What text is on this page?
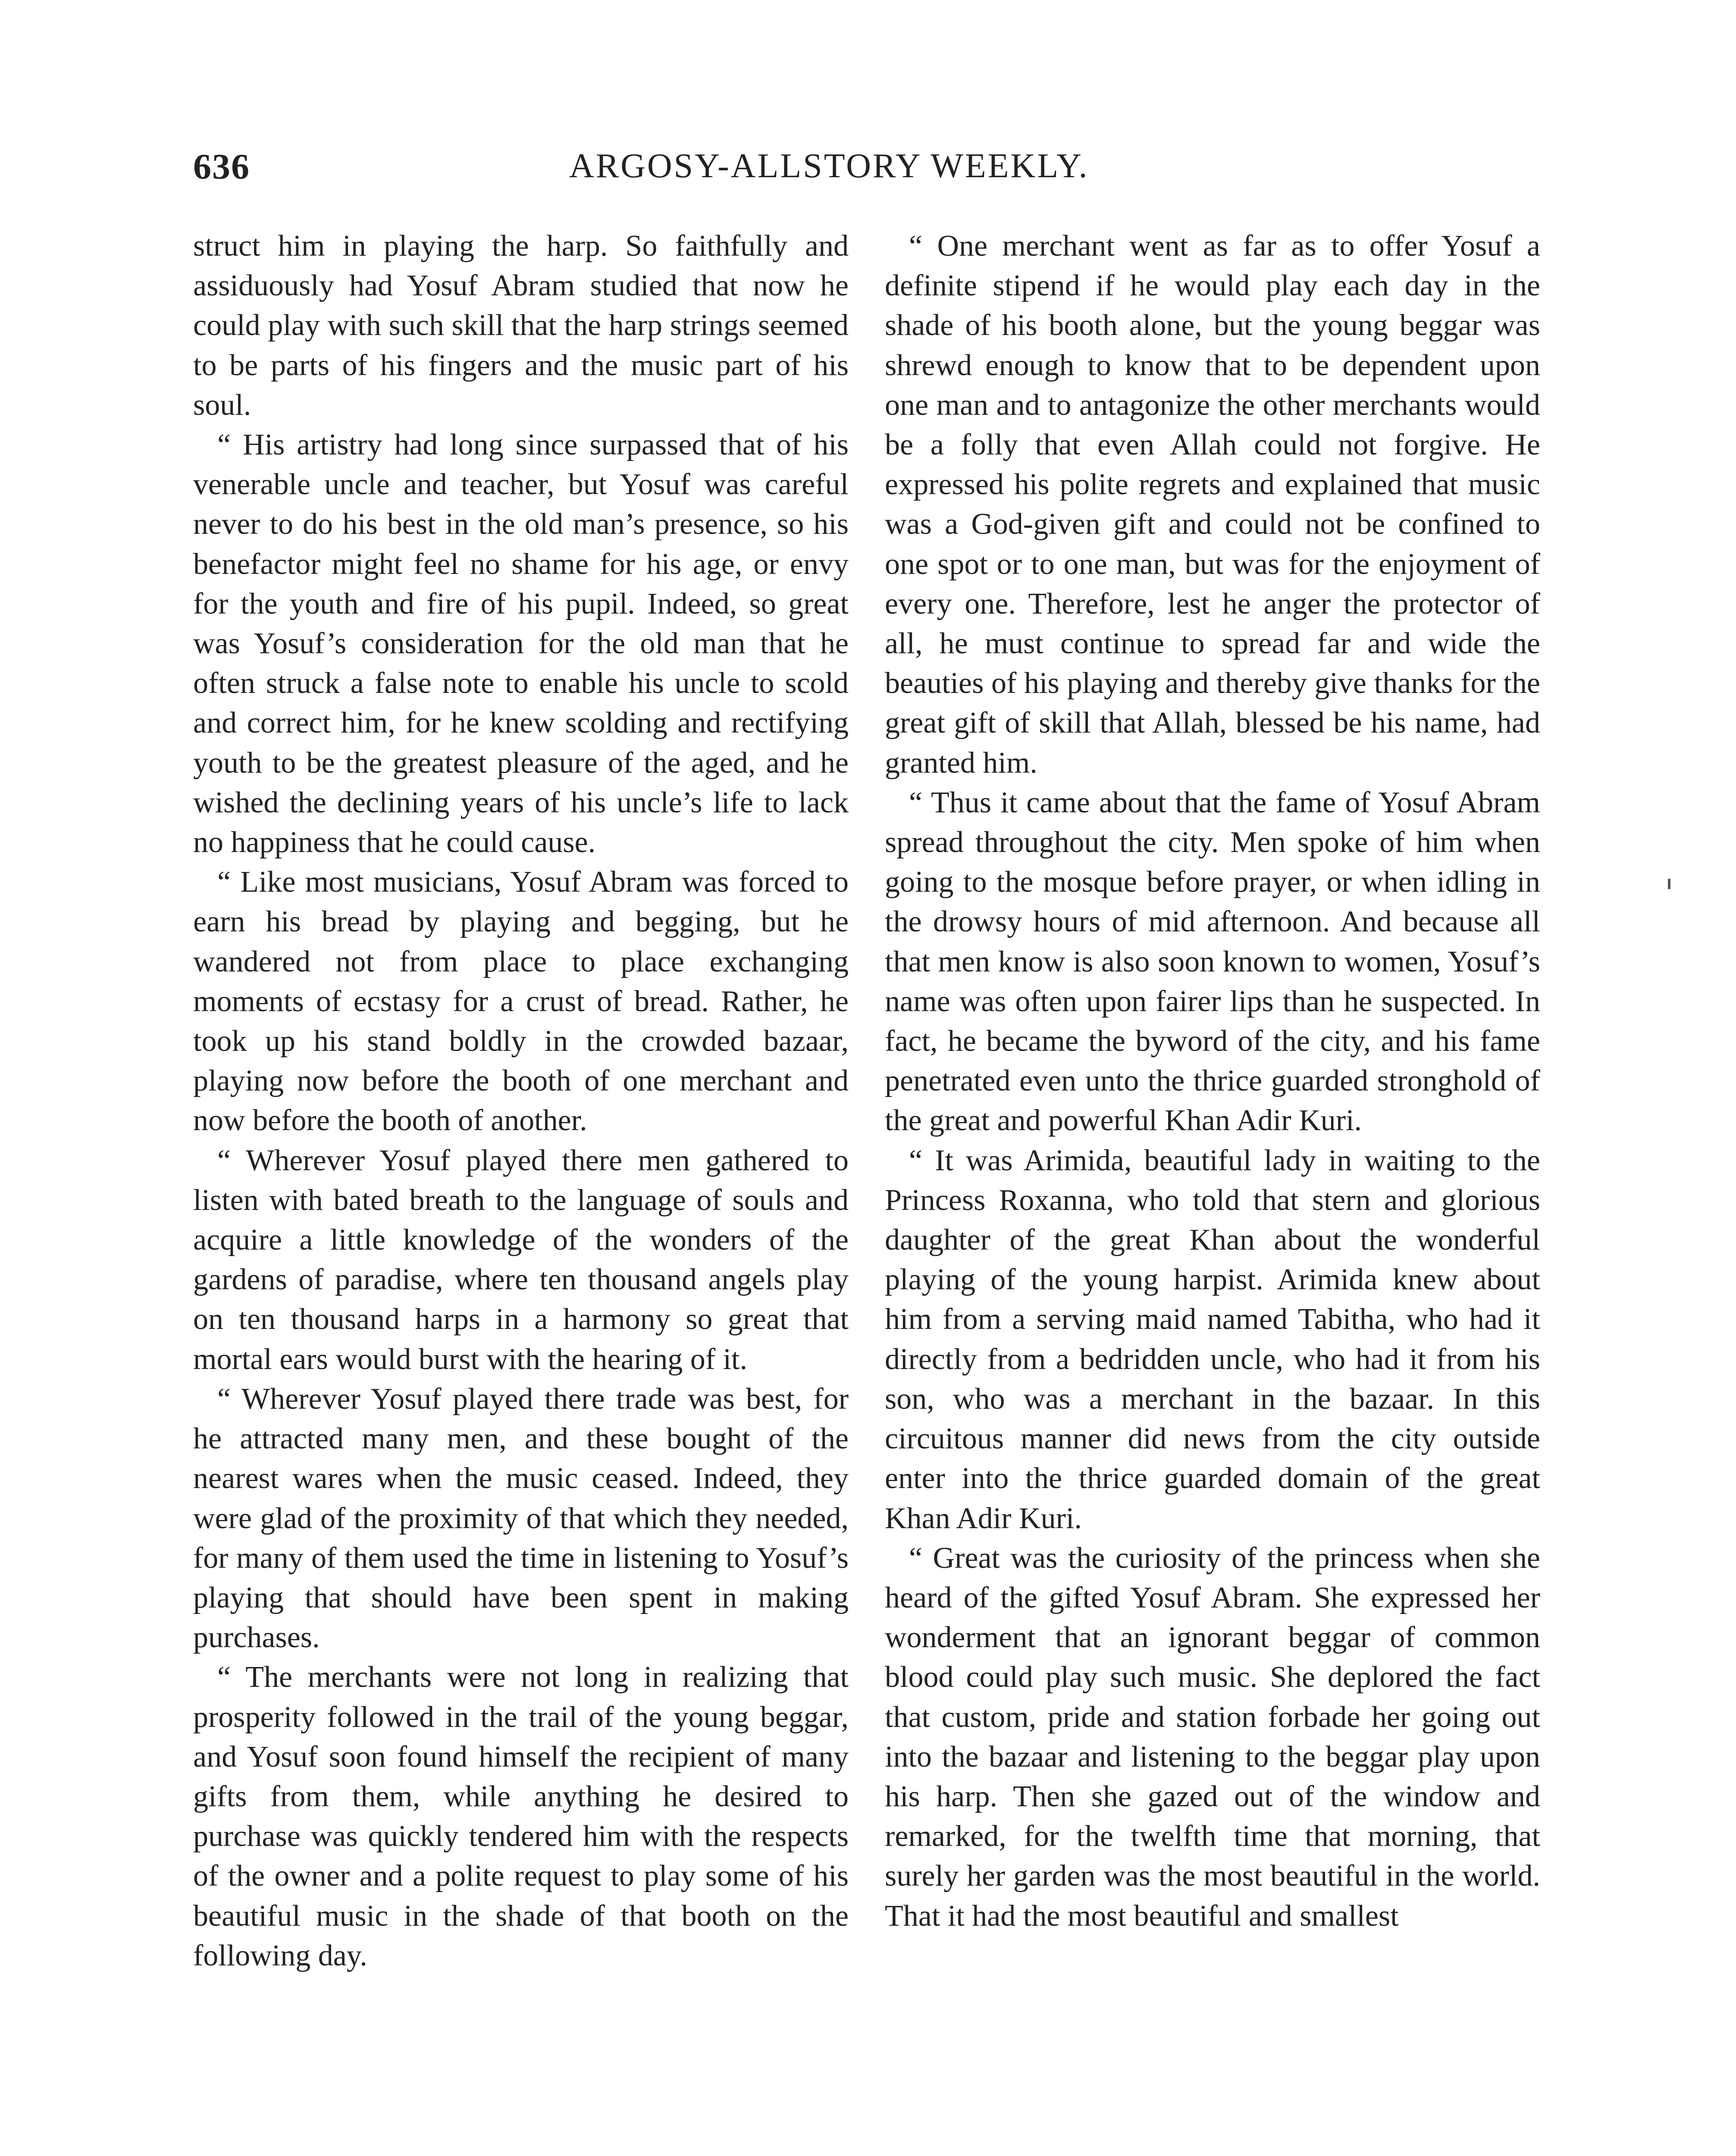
636	ARGOSY-ALLSTORY WEEKLY.

struct him in playing the harp. So faithfully and assiduously had Yosuf Abram studied that now he could play with such skill that the harp strings seemed to be parts of his fingers and the music part of his soul.

“ His artistry had long since surpassed that of his venerable uncle and teacher, but Yosuf was careful never to do his best in the old man’s presence, so his benefactor might feel no shame for his age, or envy for the youth and fire of his pupil. Indeed, so great was Yosuf’s consideration for the old man that he often struck a false note to enable his uncle to scold and correct him, for he knew scolding and rectifying youth to be the greatest pleasure of the aged, and he wished the declining years of his uncle’s life to lack no happiness that he could cause.

“ Like most musicians, Yosuf Abram was forced to earn his bread by playing and begging, but he wandered not from place to place exchanging moments of ecstasy for a crust of bread. Rather, he took up his stand boldly in the crowded bazaar, playing now before the booth of one merchant and now before the booth of another.

“ Wherever Yosuf played there men gathered to listen with bated breath to the language of souls and acquire a little knowledge of the wonders of the gardens of paradise, where ten thousand angels play on ten thousand harps in a harmony so great that mortal ears would burst with the hearing of it.

“ Wherever Yosuf played there trade was best, for he attracted many men, and these bought of the nearest wares when the music ceased. Indeed, they were glad of the proximity of that which they needed, for many of them used the time in listening to Yosuf’s playing that should have been spent in making purchases.

“ The merchants were not long in realizing that prosperity followed in the trail of the young beggar, and Yosuf soon found himself the recipient of many gifts from them, while anything he desired to purchase was quickly tendered him with the respects of the owner and a polite request to play some of his beautiful music in the shade of that booth on the following day.

“ One merchant went as far as to offer Yosuf a definite stipend if he would play each day in the shade of his booth alone, but the young beggar was shrewd enough to know that to be dependent upon one man and to antagonize the other merchants would be a folly that even Allah could not forgive. He expressed his polite regrets and explained that music was a God-given gift and could not be confined to one spot or to one man, but was for the enjoyment of every one. Therefore, lest he anger the protector of all, he must continue to spread far and wide the beauties of his playing and thereby give thanks for the great gift of skill that Allah, blessed be his name, had granted him.

“ Thus it came about that the fame of Yosuf Abram spread throughout the city. Men spoke of him when going to the mosque before prayer, or when idling in the drowsy hours of mid afternoon. And because all that men know is also soon known to women, Yosuf’s name was often upon fairer lips than he suspected. In fact, he became the byword of the city, and his fame penetrated even unto the thrice guarded stronghold of the great and powerful Khan Adir Kuri.

“ It was Arimida, beautiful lady in waiting to the Princess Roxanna, who told that stern and glorious daughter of the great Khan about the wonderful playing of the young harpist. Arimida knew about him from a serving maid named Tabitha, who had it directly from a bedridden uncle, who had it from his son, who was a merchant in the bazaar. In this circuitous manner did news from the city outside enter into the thrice guarded domain of the great Khan Adir Kuri.

“ Great was the curiosity of the princess when she heard of the gifted Yosuf Abram. She expressed her wonderment that an ignorant beggar of common blood could play such music. She deplored the fact that custom, pride and station forbade her going out into the bazaar and listening to the beggar play upon his harp. Then she gazed out of the window and remarked, for the twelfth time that morning, that surely her garden was the most beautiful in the world. That it had the most beautiful and smallest
